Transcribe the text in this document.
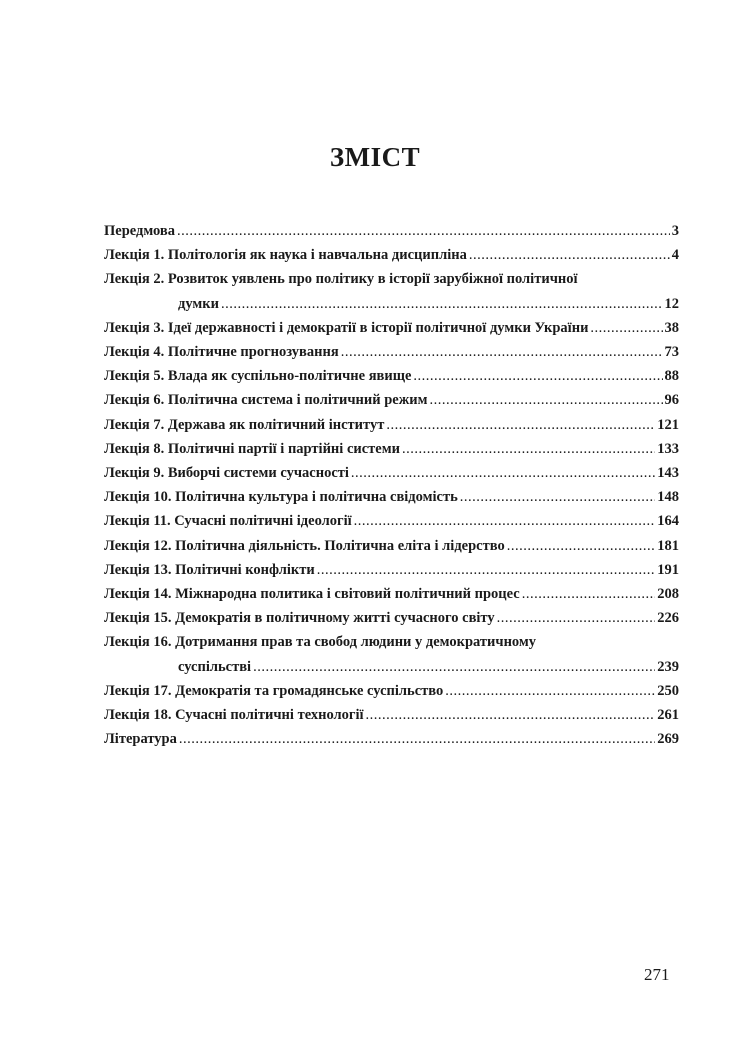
ЗМІСТ
Передмова .....	3
Лекція 1. Політологія як наука і навчальна дисципліна .....	4
Лекція 2. Розвиток уявлень про політику в історії зарубіжної політичної
думки .....	12
Лекція 3. Ідеї державності і демократії в історії політичної думки України .....	38
Лекція 4. Політичне прогнозування .....	73
Лекція 5. Влада як суспільно-політичне явище .....	88
Лекція 6. Політична система і політичний режим .....	96
Лекція 7. Держава як політичний інститут .....	121
Лекція 8. Політичні партії і партійні системи .....	133
Лекція 9. Виборчі системи сучасності .....	143
Лекція 10. Політична культура і політична свідомість .....	148
Лекція 11. Сучасні політичні ідеології .....	164
Лекція 12. Політична діяльність. Політична еліта і лідерство .....	181
Лекція 13. Політичні конфлікти .....	191
Лекція 14. Міжнародна политика і світовий політичний процес .....	208
Лекція 15. Демократія в політичному житті сучасного світу .....	226
Лекція 16. Дотримання прав та свобод людини у демократичному
суспільстві .....	239
Лекція 17. Демократія та громадянське суспільство .....	250
Лекція 18. Сучасні політичні технології .....	261
Література .....	269
271
